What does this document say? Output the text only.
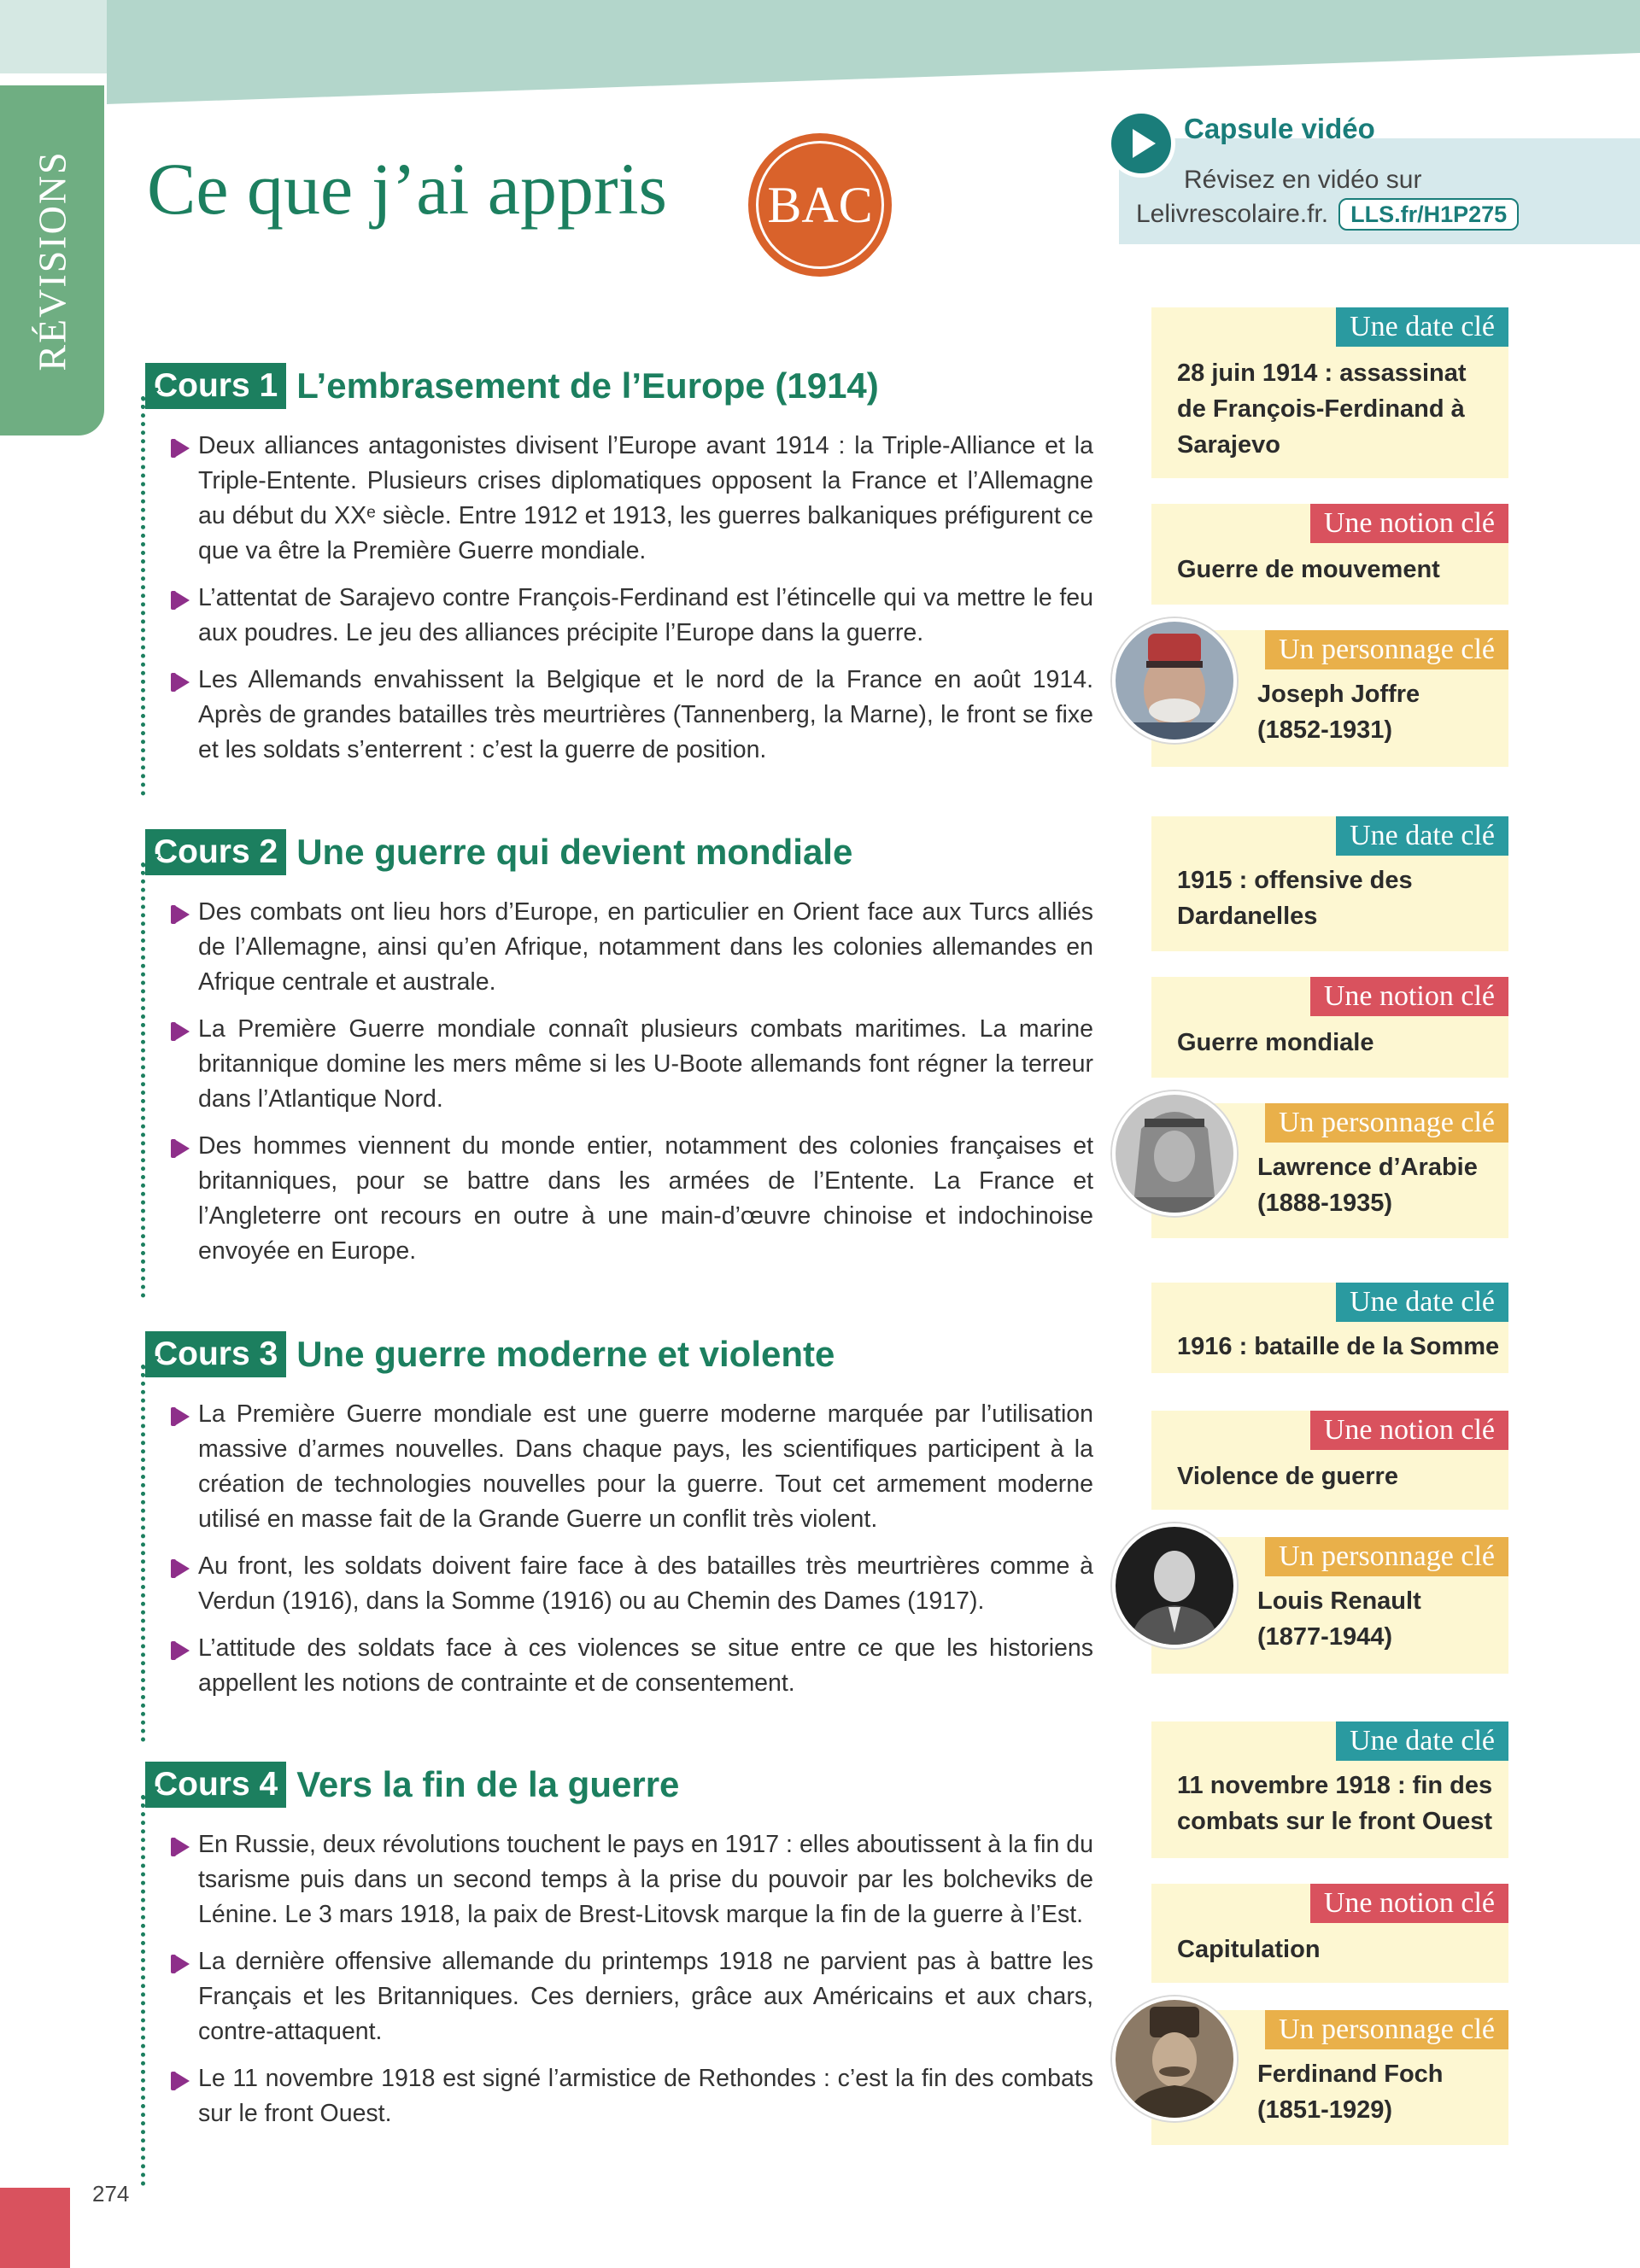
RÉVISIONS Ce que j’ai appris BAC
Capsule vidéo
Révisez en vidéo sur
Lelivrescolaire.fr. LLS.fr/H1P275
Cours 1 L’embrasement de l’Europe (1914)
Deux alliances antagonistes divisent l’Europe avant 1914 : la Triple-Alliance et la Triple-Entente. Plusieurs crises diplomatiques opposent la France et l’Allemagne au début du XXᵉ siècle. Entre 1912 et 1913, les guerres balkaniques préfigurent ce que va être la Première Guerre mondiale.
L’attentat de Sarajevo contre François-Ferdinand est l’étincelle qui va mettre le feu aux poudres. Le jeu des alliances précipite l’Europe dans la guerre.
Les Allemands envahissent la Belgique et le nord de la France en août 1914. Après de grandes batailles très meurtrières (Tannenberg, la Marne), le front se fixe et les soldats s’enterrent : c’est la guerre de position.
Cours 2 Une guerre qui devient mondiale
Des combats ont lieu hors d’Europe, en particulier en Orient face aux Turcs alliés de l’Allemagne, ainsi qu’en Afrique, notamment dans les colonies allemandes en Afrique centrale et australe.
La Première Guerre mondiale connaît plusieurs combats maritimes. La marine britannique domine les mers même si les U-Boote allemands font régner la terreur dans l’Atlantique Nord.
Des hommes viennent du monde entier, notamment des colonies françaises et britanniques, pour se battre dans les armées de l’Entente. La France et l’Angleterre ont recours en outre à une main-d’œuvre chinoise et indochinoise envoyée en Europe.
Cours 3 Une guerre moderne et violente
La Première Guerre mondiale est une guerre moderne marquée par l’utilisation massive d’armes nouvelles. Dans chaque pays, les scientifiques participent à la création de technologies nouvelles pour la guerre. Tout cet armement moderne utilisé en masse fait de la Grande Guerre un conflit très violent.
Au front, les soldats doivent faire face à des batailles très meurtrières comme à Verdun (1916), dans la Somme (1916) ou au Chemin des Dames (1917).
L’attitude des soldats face à ces violences se situe entre ce que les historiens appellent les notions de contrainte et de consentement.
Cours 4 Vers la fin de la guerre
En Russie, deux révolutions touchent le pays en 1917 : elles aboutissent à la fin du tsarisme puis dans un second temps à la prise du pouvoir par les bolcheviks de Lénine. Le 3 mars 1918, la paix de Brest-Litovsk marque la fin de la guerre à l’Est.
La dernière offensive allemande du printemps 1918 ne parvient pas à battre les Français et les Britanniques. Ces derniers, grâce aux Américains et aux chars, contre-attaquent.
Le 11 novembre 1918 est signé l’armistice de Rethondes : c’est la fin des combats sur le front Ouest.
Une date clé
28 juin 1914 : assassinat de François-Ferdinand à Sarajevo
Une notion clé
Guerre de mouvement
Un personnage clé
Joseph Joffre (1852-1931)
Une date clé
1915 : offensive des Dardanelles
Une notion clé
Guerre mondiale
Un personnage clé
Lawrence d’Arabie (1888-1935)
Une date clé
1916 : bataille de la Somme
Une notion clé
Violence de guerre
Un personnage clé
Louis Renault (1877-1944)
Une date clé
11 novembre 1918 : fin des combats sur le front Ouest
Une notion clé
Capitulation
Un personnage clé
Ferdinand Foch (1851-1929)
274
